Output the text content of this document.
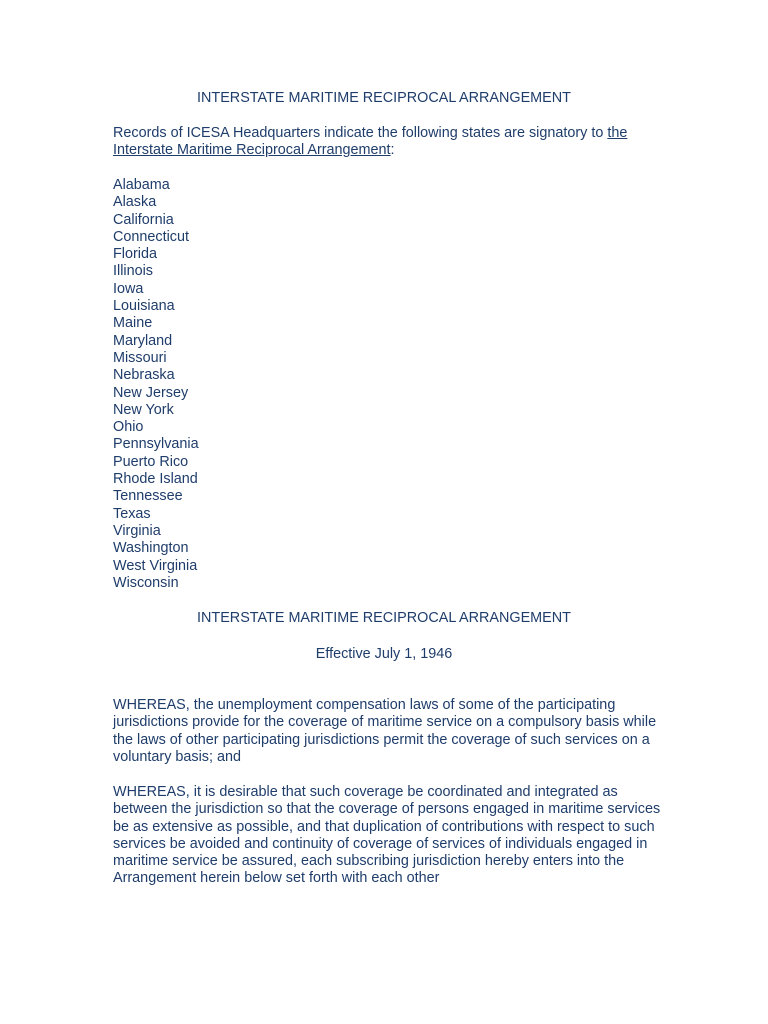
INTERSTATE MARITIME RECIPROCAL ARRANGEMENT

Records of ICESA Headquarters indicate the following states are signatory to the Interstate Maritime Reciprocal Arrangement:

Alabama
Alaska
California
Connecticut
Florida
Illinois
Iowa
Louisiana
Maine
Maryland
Missouri
Nebraska
New Jersey
New York
Ohio
Pennsylvania
Puerto Rico
Rhode Island
Tennessee
Texas
Virginia
Washington
West Virginia
Wisconsin
INTERSTATE MARITIME RECIPROCAL ARRANGEMENT

Effective July 1, 1946

WHEREAS, the unemployment compensation laws of some of the participating jurisdictions provide for the coverage of maritime service on a compulsory basis while the laws of other participating jurisdictions permit the coverage of such services on a voluntary basis; and

WHEREAS, it is desirable that such coverage be coordinated and integrated as between the jurisdiction so that the coverage of persons engaged in maritime services be as extensive as possible, and that duplication of contributions with respect to such services be avoided and continuity of coverage of services of individuals engaged in maritime service be assured, each subscribing jurisdiction hereby enters into the Arrangement herein below set forth with each other
